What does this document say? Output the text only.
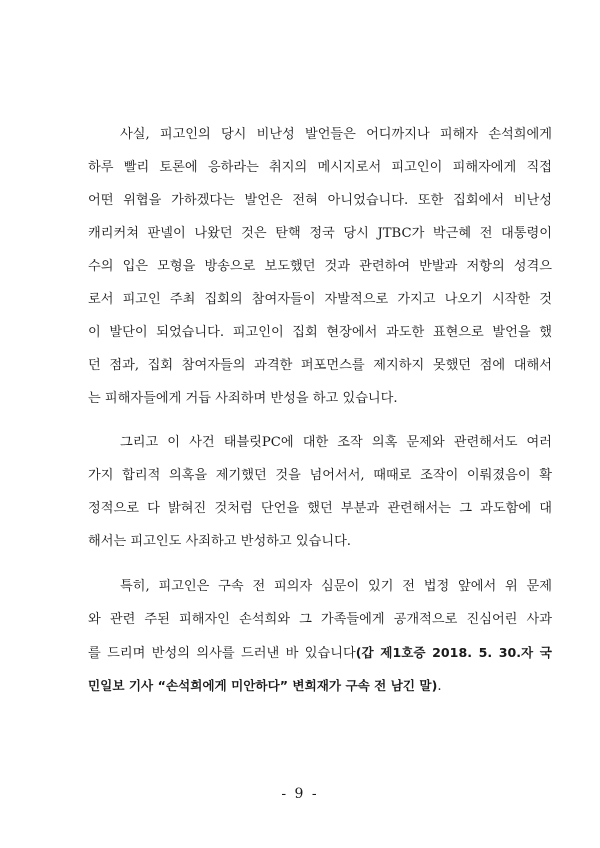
사실, 피고인의 당시 비난성 발언들은 어디까지나 피해자 손석희에게
하루 빨리 토론에 응하라는 취지의 메시지로서 피고인이 피해자에게 직접
어떤 위협을 가하겠다는 발언은 전혀 아니었습니다. 또한 집회에서 비난성
캐리커쳐 판넬이 나왔던 것은 탄핵 정국 당시 JTBC가 박근혜 전 대통령이
수의 입은 모형을 방송으로 보도했던 것과 관련하여 반발과 저항의 성격으
로서 피고인 주최 집회의 참여자들이 자발적으로 가지고 나오기 시작한 것
이 발단이 되었습니다. 피고인이 집회 현장에서 과도한 표현으로 발언을 했
던 점과, 집회 참여자들의 과격한 퍼포먼스를 제지하지 못했던 점에 대해서
는 피해자들에게 거듭 사죄하며 반성을 하고 있습니다.
그리고 이 사건 태블릿PC에 대한 조작 의혹 문제와 관련해서도 여러
가지 합리적 의혹을 제기했던 것을 넘어서서, 때때로 조작이 이뤄졌음이 확
정적으로 다 밝혀진 것처럼 단언을 했던 부분과 관련해서는 그 과도함에 대
해서는 피고인도 사죄하고 반성하고 있습니다.
특히, 피고인은 구속 전 피의자 심문이 있기 전 법정 앞에서 위 문제
와 관련 주된 피해자인 손석희와 그 가족들에게 공개적으로 진심어린 사과
를 드리며 반성의 의사를 드러낸 바 있습니다(갑 제1호증 2018. 5. 30.자 국
민일보 기사 “손석희에게 미안하다” 변희재가 구속 전 남긴 말).
- 9 -
